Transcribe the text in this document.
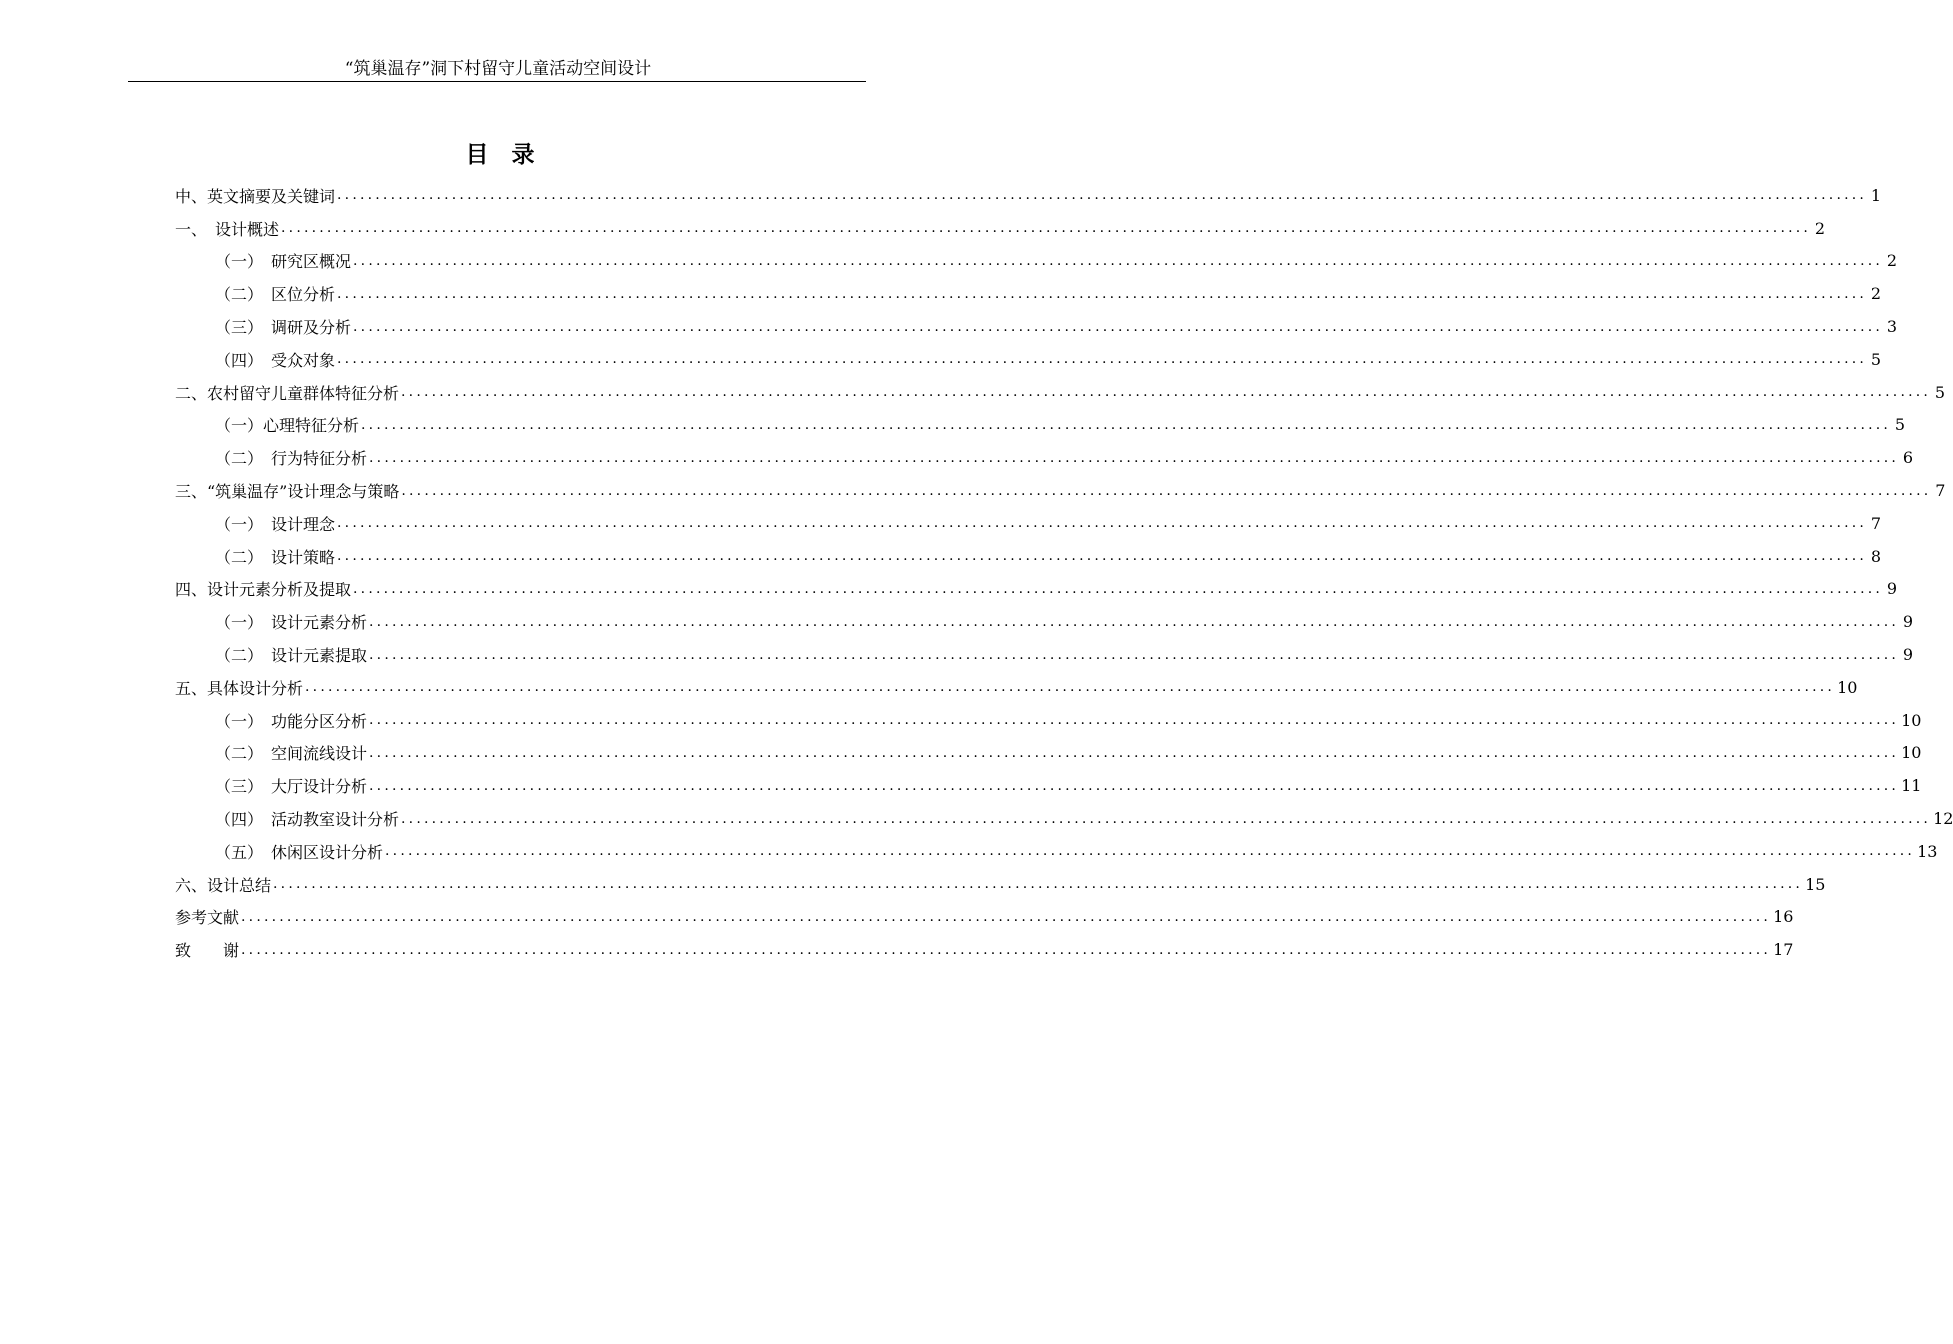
“筑巢温存”洞下村留守儿童活动空间设计
目　录
中、英文摘要及关键词 ........................................................................................................................................................................................................ 1
一、　设计概述 ........................................................................................................................................................................................................ 2
（一）　研究区概况 ........................................................................................................................................................................................................ 2
（二）　区位分析 ........................................................................................................................................................................................................ 2
（三）　调研及分析 ........................................................................................................................................................................................................ 3
（四）　受众对象 ........................................................................................................................................................................................................ 5
二、农村留守儿童群体特征分析 ........................................................................................................................................................................................................ 5
（一）心理特征分析 ........................................................................................................................................................................................................ 5
（二）　行为特征分析 ........................................................................................................................................................................................................ 6
三、“筑巢温存”设计理念与策略 ........................................................................................................................................................................................................ 7
（一）　设计理念 ........................................................................................................................................................................................................ 7
（二）　设计策略 ........................................................................................................................................................................................................ 8
四、设计元素分析及提取 ........................................................................................................................................................................................................ 9
（一）　设计元素分析 ........................................................................................................................................................................................................ 9
（二）　设计元素提取 ........................................................................................................................................................................................................ 9
五、具体设计分析 ........................................................................................................................................................................................................ 10
（一）　功能分区分析 ........................................................................................................................................................................................................ 10
（二）　空间流线设计 ........................................................................................................................................................................................................ 10
（三）　大厅设计分析 ........................................................................................................................................................................................................ 11
（四）　活动教室设计分析 ........................................................................................................................................................................................................ 12
（五）　休闲区设计分析 ........................................................................................................................................................................................................ 13
六、设计总结 ........................................................................................................................................................................................................ 15
参考文献 ........................................................................................................................................................................................................ 16
致　　谢 ........................................................................................................................................................................................................ 17
